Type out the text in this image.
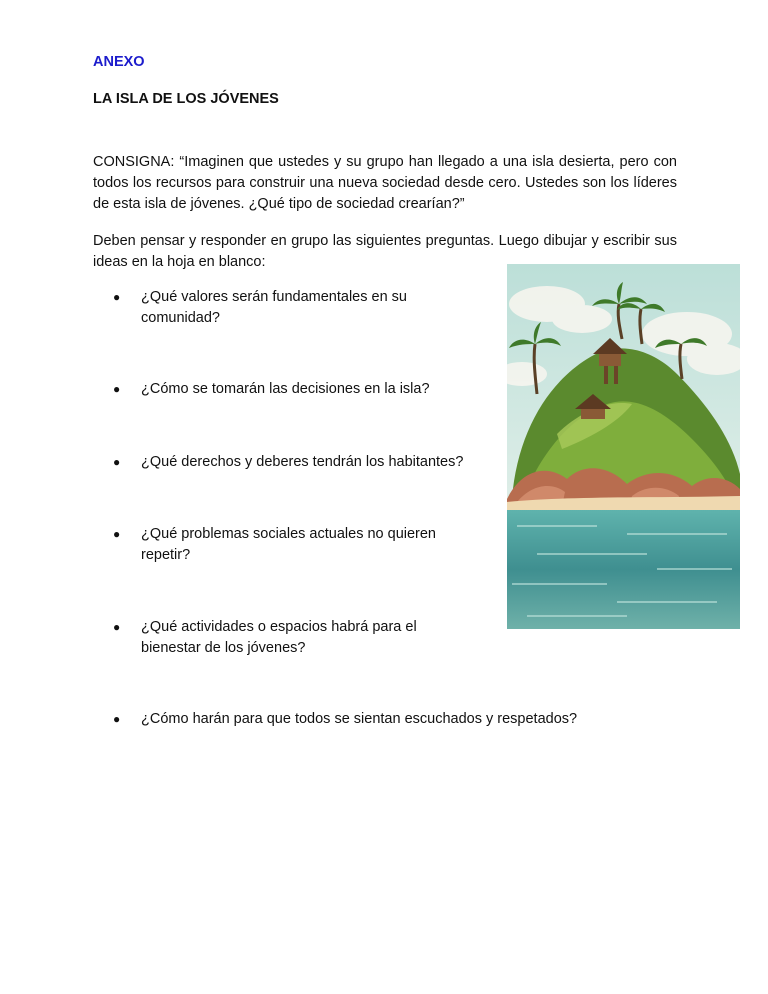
ANEXO
LA ISLA DE LOS JÓVENES

CONSIGNA: “Imaginen que ustedes y su grupo han llegado a una isla desierta, pero con todos los recursos para construir una nueva sociedad desde cero. Ustedes son los líderes de esta isla de jóvenes. ¿Qué tipo de sociedad crearían?”

Deben pensar y responder en grupo las siguientes preguntas. Luego dibujar y escribir sus ideas en la hoja en blanco:

●	¿Qué valores serán fundamentales en su comunidad?
●	¿Cómo se tomarán las decisiones en la isla?
●	¿Qué derechos y deberes tendrán los habitantes?
●	¿Qué problemas sociales actuales no quieren repetir?
●	¿Qué actividades o espacios habrá para el bienestar de los jóvenes?
●	¿Cómo harán para que todos se sientan escuchados y respetados?
